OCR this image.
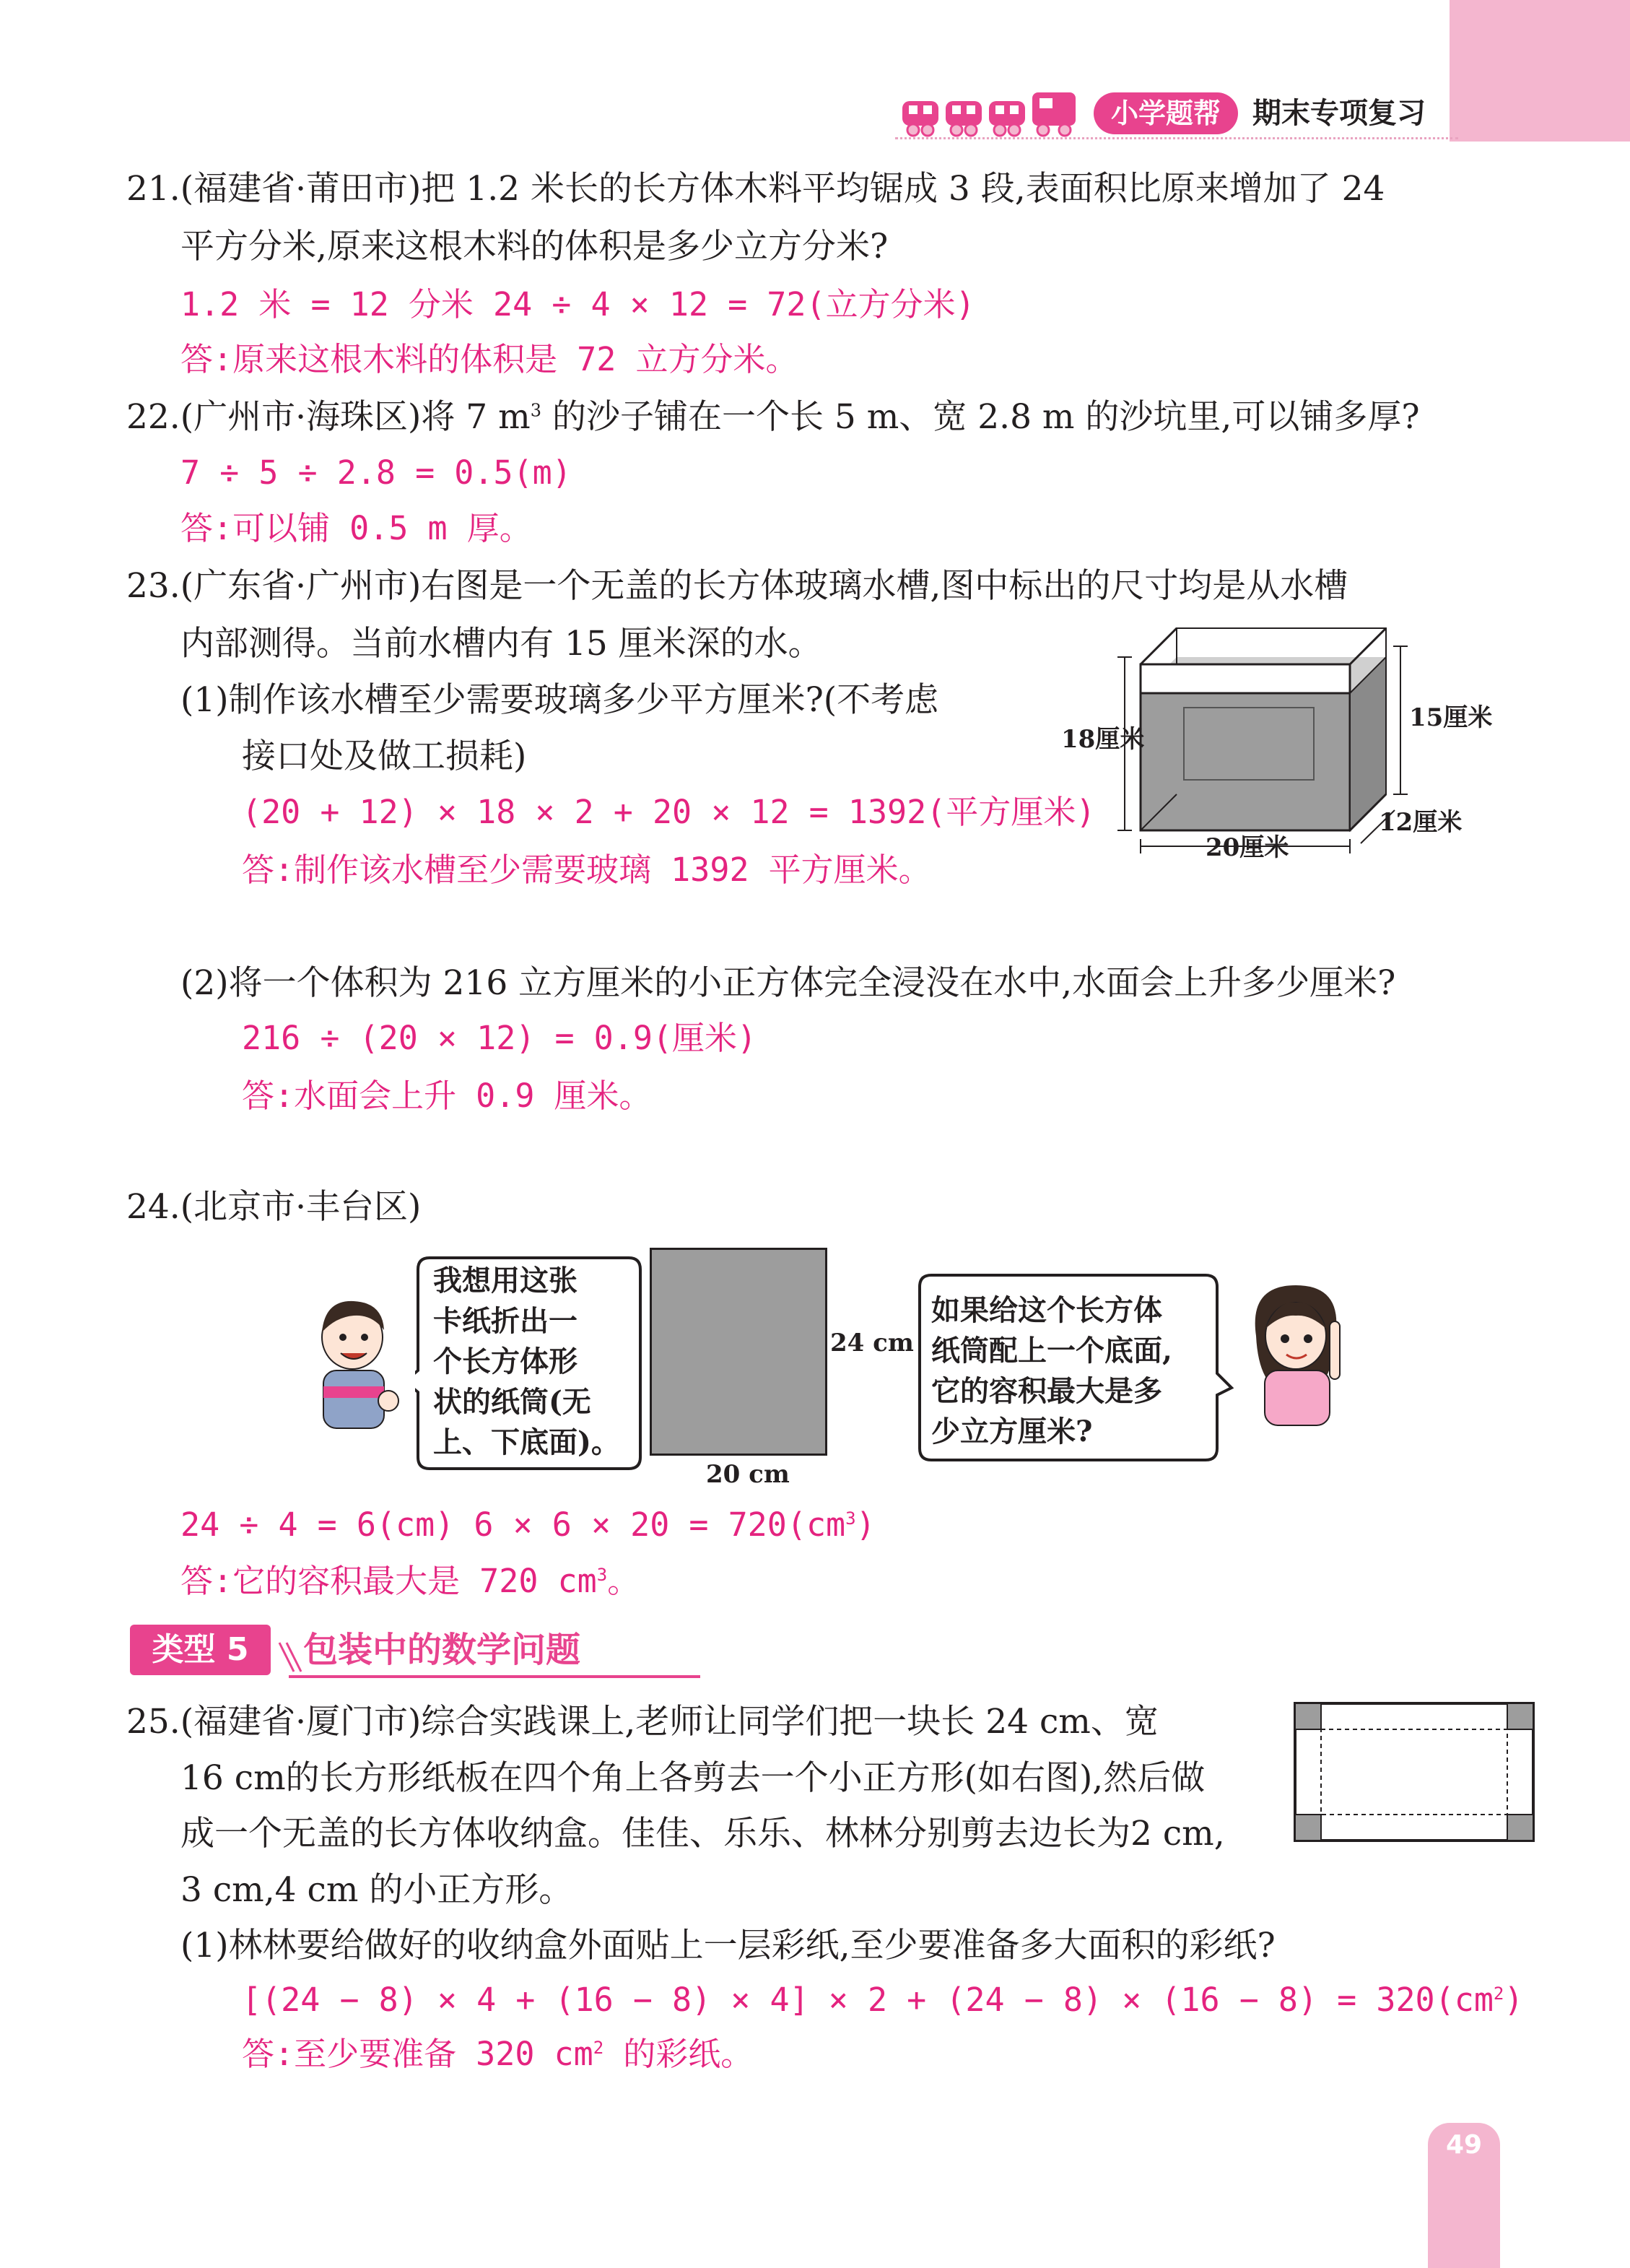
小学题帮	期末专项复习
21.(福建省·莆田市)把 1.2 米长的长方体木料平均锯成 3 段,表面积比原来增加了 24
平方分米,原来这根木料的体积是多少立方分米?
1.2 米 = 12 分米 24 ÷ 4 × 12 = 72(立方分米)
答:原来这根木料的体积是 72 立方分米。
22.(广州市·海珠区)将 7 $m^3$ 的沙子铺在一个长 5 m、宽 2.8 m 的沙坑里,可以铺多厚?
7 ÷ 5 ÷ 2.8 = 0.5(m)
答:可以铺 0.5 m 厚。
23.(广东省·广州市)右图是一个无盖的长方体玻璃水槽,图中标出的尺寸均是从水槽
内部测得。当前水槽内有 15 厘米深的水。
(1)制作该水槽至少需要玻璃多少平方厘米?(不考虑
接口处及做工损耗)
(20 + 12) × 18 × 2 + 20 × 12 = 1392(平方厘米)
答:制作该水槽至少需要玻璃 1392 平方厘米。
18厘米
15厘米
20厘米
12厘米
(2)将一个体积为 216 立方厘米的小正方体完全浸没在水中,水面会上升多少厘米?
216 ÷ (20 × 12) = 0.9(厘米)
答:水面会上升 0.9 厘米。
24.(北京市·丰台区)
我想用这张
卡纸折出一
个长方体形
状的纸筒(无
上、下底面)。
24 cm
20 cm
如果给这个长方体
纸筒配上一个底面,
它的容积最大是多
少立方厘米?
24 ÷ 4 = 6(cm) $6 \times 6 \times 20 = 720(cm^3)$
答:它的容积最大是 720 $cm^3$。
类型 5	包装中的数学问题
25.(福建省·厦门市)综合实践课上,老师让同学们把一块长 24 cm、宽
16 cm的长方形纸板在四个角上各剪去一个小正方形(如右图),然后做
成一个无盖的长方体收纳盒。佳佳、乐乐、林林分别剪去边长为2 cm,
3 cm,4 cm 的小正方形。
(1)林林要给做好的收纳盒外面贴上一层彩纸,至少要准备多大面积的彩纸?
$[(24 - 8) \times 4 + (16 - 8) \times 4] \times 2 + (24 - 8) \times (16 - 8) = 320(cm^2)$
答:至少要准备 320 $cm^2$ 的彩纸。
49
